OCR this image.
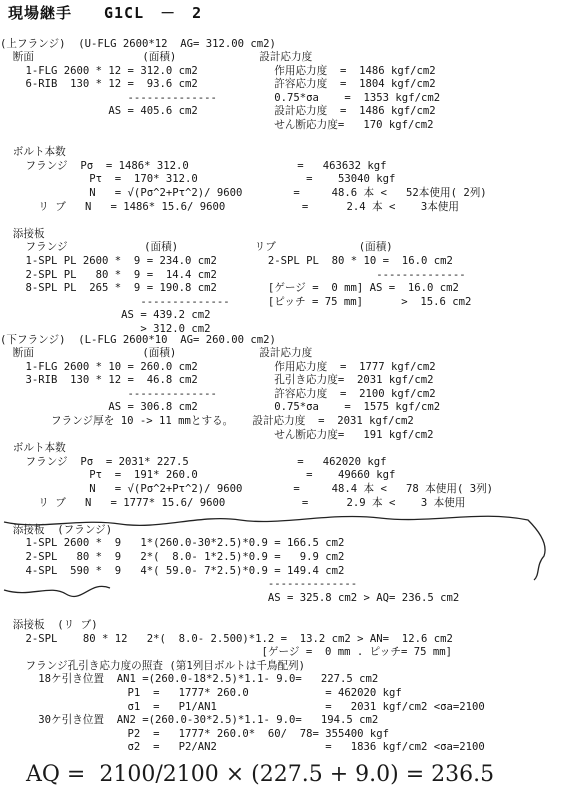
現場継手　　G1CL　－　2
(上フランジ)  (U-FLG 2600*12  AG= 312.00 cm2)
断面                 (面積)             設計応力度
1-FLG 2600 * 12 = 312.0 cm2            作用応力度  =  1486 kgf/cm2
6-RIB  130 * 12 =  93.6 cm2            許容応力度  =  1804 kgf/cm2
--------------         0.75*σa    =  1353 kgf/cm2
AS = 405.6 cm2            設計応力度  =  1486 kgf/cm2
せん断応力度=   170 kgf/cm2
ボルト本数
フランジ  Pσ  = 1486* 312.0                 =   463632 kgf
Pτ  =  170* 312.0                 =    53040 kgf
N   = √(Pσ^2+Pτ^2)/ 9600        =     48.6 本 <   52本使用( 2列)
リ ブ   N   = 1486* 15.6/ 9600            =      2.4 本 <    3本使用
添接板
フランジ            (面積)            リブ             (面積)
1-SPL PL 2600 *  9 = 234.0 cm2        2-SPL PL  80 * 10 =  16.0 cm2
2-SPL PL   80 *  9 =  14.4 cm2                         --------------
8-SPL PL  265 *  9 = 190.8 cm2        [ゲージ =  0 mm] AS =  16.0 cm2
--------------      [ピッチ = 75 mm]      >  15.6 cm2
AS = 439.2 cm2
> 312.0 cm2
(下フランジ)  (L-FLG 2600*10  AG= 260.00 cm2)
断面                 (面積)             設計応力度
1-FLG 2600 * 10 = 260.0 cm2            作用応力度  =  1777 kgf/cm2
3-RIB  130 * 12 =  46.8 cm2            孔引き応力度=  2031 kgf/cm2
--------------         許容応力度  =  2100 kgf/cm2
AS = 306.8 cm2            0.75*σa    =  1575 kgf/cm2
フランジ厚を 10 -> 11 mmとする。   設計応力度  =  2031 kgf/cm2
せん断応力度=   191 kgf/cm2
ボルト本数
フランジ  Pσ  = 2031* 227.5                 =   462020 kgf
Pτ  =  191* 260.0                 =    49660 kgf
N   = √(Pσ^2+Pτ^2)/ 9600        =     48.4 本 <   78 本使用( 3列)
リ ブ   N   = 1777* 15.6/ 9600            =      2.9 本 <    3 本使用
添接板  (フランジ)
1-SPL 2600 *  9   1*(260.0-30*2.5)*0.9 = 166.5 cm2
2-SPL   80 *  9   2*(  8.0- 1*2.5)*0.9 =   9.9 cm2
4-SPL  590 *  9   4*( 59.0- 7*2.5)*0.9 = 149.4 cm2
--------------
AS = 325.8 cm2 > AQ= 236.5 cm2
添接板  (リ ブ)
2-SPL    80 * 12   2*(  8.0- 2.500)*1.2 =  13.2 cm2 > AN=  12.6 cm2
[ゲージ =  0 mm . ピッチ= 75 mm]
フランジ孔引き応力度の照査 (第1列目ボルトは千鳥配列)
18ケ引き位置  AN1 =(260.0-18*2.5)*1.1- 9.0=   227.5 cm2
P1  =   1777* 260.0            = 462020 kgf
σ1  =   P1/AN1                 =   2031 kgf/cm2 <σa=2100
30ケ引き位置  AN2 =(260.0-30*2.5)*1.1- 9.0=   194.5 cm2
P2  =   1777* 260.0*  60/  78= 355400 kgf
σ2  =   P2/AN2                 =   1836 kgf/cm2 <σa=2100
AQ =  2100/2100 × (227.5 + 9.0) = 236.5
